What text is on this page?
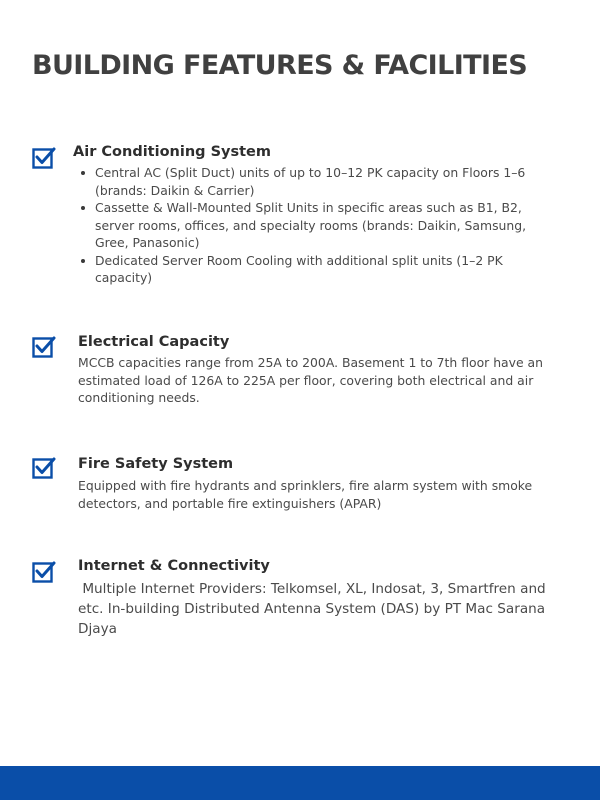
BUILDING FEATURES & FACILITIES
Air Conditioning System
Central AC (Split Duct) units of up to 10–12 PK capacity on Floors 1–6 (brands: Daikin & Carrier)
Cassette & Wall-Mounted Split Units in specific areas such as B1, B2, server rooms, offices, and specialty rooms (brands: Daikin, Samsung, Gree, Panasonic)
Dedicated Server Room Cooling with additional split units (1–2 PK capacity)
Electrical Capacity
MCCB capacities range from 25A to 200A. Basement 1 to 7th floor have an estimated load of 126A to 225A per floor, covering both electrical and air conditioning needs.
Fire Safety System
Equipped with fire hydrants and sprinklers, fire alarm system with smoke detectors, and portable fire extinguishers (APAR)
Internet & Connectivity
Multiple Internet Providers: Telkomsel, XL, Indosat, 3, Smartfren and etc. In-building Distributed Antenna System (DAS) by PT Mac Sarana Djaya
